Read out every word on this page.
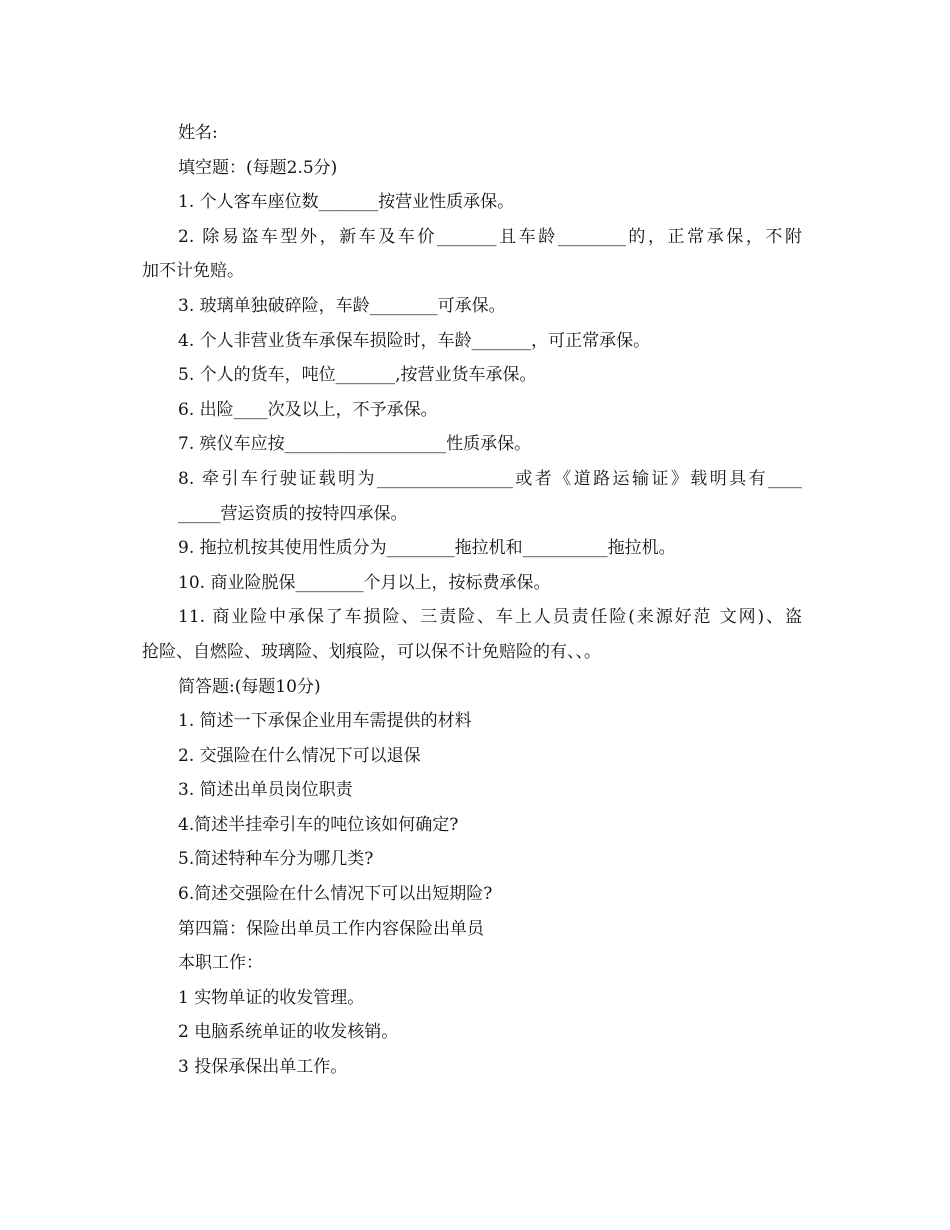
姓名:
填空题：(每题2.5分)
1. 个人客车座位数_______按营业性质承保。
2. 除易盗车型外，新车及车价_______且车龄________的，正常承保，不附
加不计免赔。
3. 玻璃单独破碎险，车龄________可承保。
4. 个人非营业货车承保车损险时，车龄_______，可正常承保。
5. 个人的货车，吨位_______,按营业货车承保。
6. 出险____次及以上，不予承保。
7. 殡仪车应按___________________性质承保。
8. 牵引车行驶证载明为________________或者《道路运输证》载明具有____
_____营运资质的按特四承保。
9. 拖拉机按其使用性质分为________拖拉机和__________拖拉机。
10. 商业险脱保________个月以上，按标费承保。
11. 商业险中承保了车损险、三责险、车上人员责任险(来源好范 文网)、盗
抢险、自燃险、玻璃险、划痕险，可以保不计免赔险的有、、。
简答题:(每题10分)
1. 简述一下承保企业用车需提供的材料
2. 交强险在什么情况下可以退保
3. 简述出单员岗位职责
4.简述半挂牵引车的吨位该如何确定?
5.简述特种车分为哪几类?
6.简述交强险在什么情况下可以出短期险?
第四篇：保险出单员工作内容保险出单员
本职工作：
1 实物单证的收发管理。
2 电脑系统单证的收发核销。
3 投保承保出单工作。
